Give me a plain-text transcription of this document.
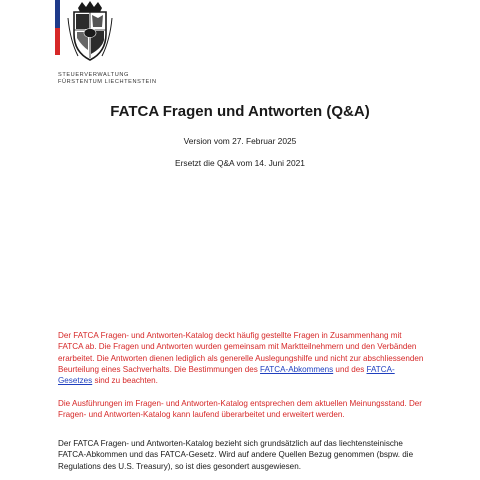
STEUERVERWALTUNG
FÜRSTENTUM LIECHTENSTEIN
FATCA Fragen und Antworten (Q&A)
Version vom 27. Februar 2025
Ersetzt die Q&A vom 14. Juni 2021
Der FATCA Fragen- und Antworten-Katalog deckt häufig gestellte Fragen in Zusammenhang mit FATCA ab. Die Fragen und Antworten wurden gemeinsam mit Marktteilnehmern und den Verbänden erarbeitet. Die Antworten dienen lediglich als generelle Auslegungshilfe und nicht zur abschliessenden Beurteilung eines Sachverhalts. Die Bestimmungen des FATCA-Abkommens und des FATCA-Gesetzes sind zu beachten.
Die Ausführungen im Fragen- und Antworten-Katalog entsprechen dem aktuellen Meinungsstand. Der Fragen- und Antworten-Katalog kann laufend überarbeitet und erweitert werden.
Der FATCA Fragen- und Antworten-Katalog bezieht sich grundsätzlich auf das liechtensteinische FATCA-Abkommen und das FATCA-Gesetz. Wird auf andere Quellen Bezug genommen (bspw. die Regulations des U.S. Treasury), so ist dies gesondert ausgewiesen.
